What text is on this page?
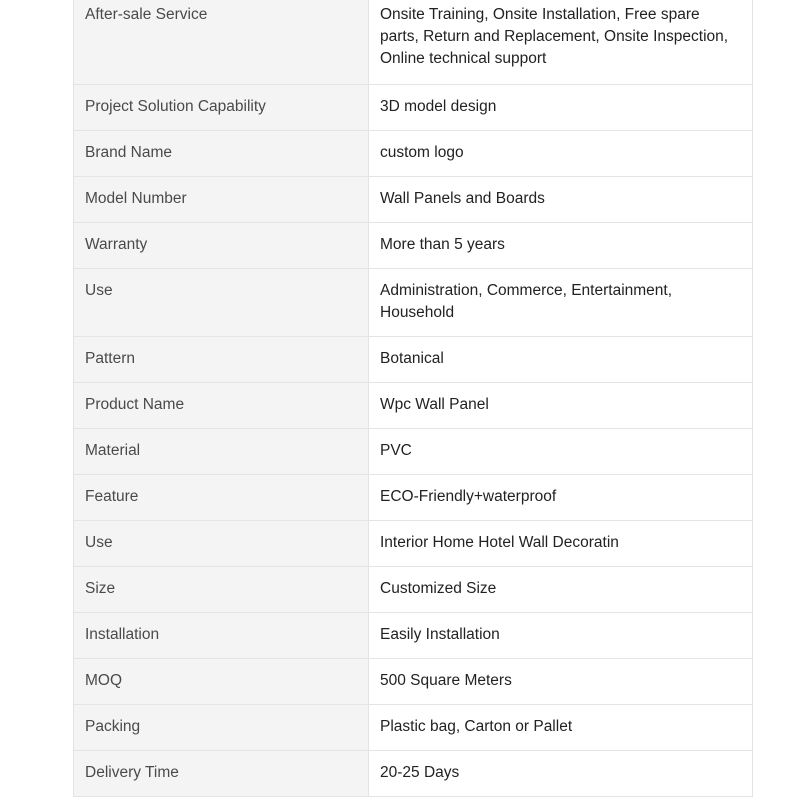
After-sale Service	Onsite Training, Onsite Installation, Free spare parts, Return and Replacement, Onsite Inspection, Online technical support
Project Solution Capability	3D model design
Brand Name	custom logo
Model Number	Wall Panels and Boards
Warranty	More than 5 years
Use	Administration, Commerce, Entertainment, Household
Pattern	Botanical
Product Name	Wpc Wall Panel
Material	PVC
Feature	ECO-Friendly+waterproof
Use	Interior Home Hotel Wall Decoratin
Size	Customized Size
Installation	Easily Installation
MOQ	500 Square Meters
Packing	Plastic bag, Carton or Pallet
Delivery Time	20-25 Days
